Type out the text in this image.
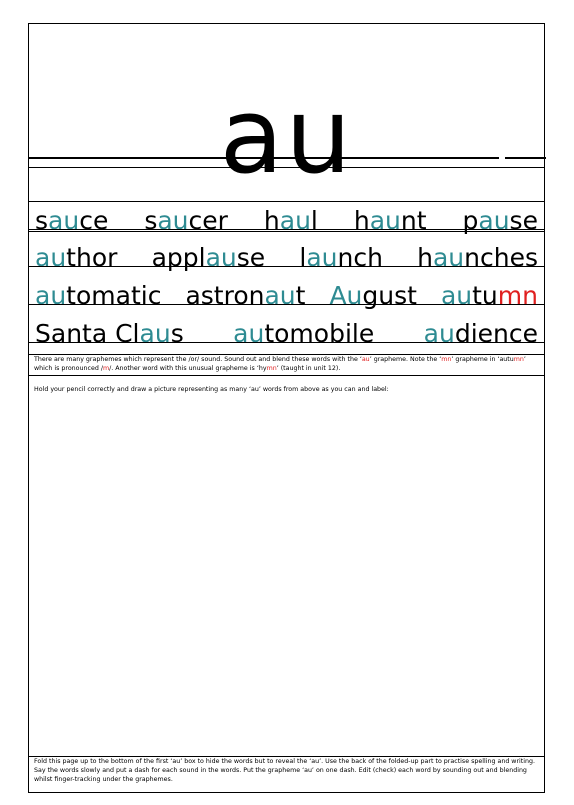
au
sauce saucer haul haunt pause
author applause launch haunches
automatic astronaut August autumn
Santa Claus automobile audience
There are many graphemes which represent the /or/ sound. Sound out and blend these words with the ‘au’ grapheme. Note the ‘mn’ grapheme in ‘autumn’ which is pronounced /m/. Another word with this unusual grapheme is ‘hymn’ (taught in unit 12).
Hold your pencil correctly and draw a picture representing as many ‘au’ words from above as you can and label:
Fold this page up to the bottom of the first ‘au’ box to hide the words but to reveal the ‘au’. Use the back of the folded-up part to practise spelling and writing. Say the words slowly and put a dash for each sound in the words. Put the grapheme ‘au’ on one dash. Edit (check) each word by sounding out and blending whilst finger-tracking under the graphemes.
